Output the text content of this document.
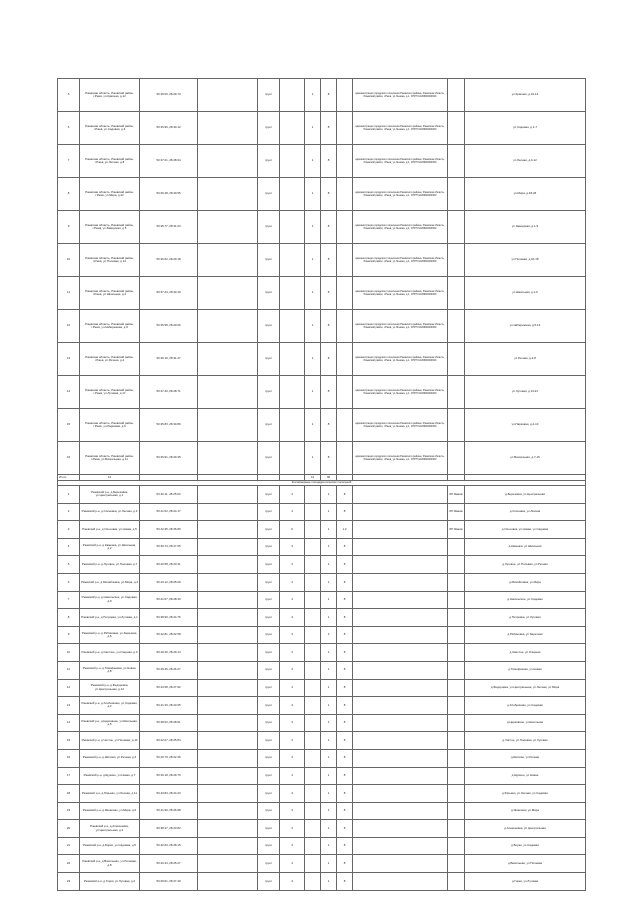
5	Ржевская область, Ржевский район, г.Ржев, ул.Красная, д.12	53.36.06, 28.29.73		грунт		1	8		администрация городского поселения Ржевского района, Ржевская область, Ржевский район, г.Ржев, ул.Ленина, д.1, ОГРН 1026900000000		ул.Красная, д.10-14
6	Ржевская область, Ржевский район, г.Ржев, ул.Садовая, д.3	53.35.96, 28.30.12		грунт		1	8		администрация городского поселения Ржевского района, Ржевская область, Ржевский район, г.Ржев, ул.Ленина, д.1, ОГРН 1026900000000		ул.Садовая, д.1-7
7	Ржевская область, Ржевский район, г.Ржев, ул.Лесная, д.8	53.37.01, 28.28.94		грунт		1	8		администрация городского поселения Ржевского района, Ржевская область, Ржевский район, г.Ржев, ул.Ленина, д.1, ОГРН 1026900000000		ул.Лесная, д.4-12
8	Ржевская область, Ржевский район, г.Ржев, ул.Мира, д.22	53.36.48, 28.30.55		грунт		1	8		администрация городского поселения Ржевского района, Ржевская область, Ржевский район, г.Ржев, ул.Ленина, д.1, ОГРН 1026900000000		ул.Мира, д.18-26
9	Ржевская область, Ржевский район, г.Ржев, ул.Заводская, д.5	53.35.77, 28.31.03		грунт		1	8		администрация городского поселения Ржевского района, Ржевская область, Ржевский район, г.Ржев, ул.Ленина, д.1, ОГРН 1026900000000		ул.Заводская, д.1-9
10	Ржевская область, Ржевский район, г.Ржев, ул.Полевая, д.14	53.36.62, 28.29.18		грунт		1	8		администрация городского поселения Ржевского района, Ржевская область, Ржевский район, г.Ржев, ул.Ленина, д.1, ОГРН 1026900000000		ул.Полевая, д.10-18
11	Ржевская область, Ржевский район, г.Ржев, ул.Школьная, д.2	53.37.24, 28.30.40		грунт		1	8		администрация городского поселения Ржевского района, Ржевская область, Ржевский район, г.Ржев, ул.Ленина, д.1, ОГРН 1026900000000		ул.Школьная, д.1-6
12	Ржевская область, Ржевский район, г.Ржев, ул.Набережная, д.9	53.35.58, 28.29.66		грунт		1	8		администрация городского поселения Ржевского района, Ржевская область, Ржевский район, г.Ржев, ул.Ленина, д.1, ОГРН 1026900000000		ул.Набережная, д.5-13
13	Ржевская область, Ржевский район, г.Ржев, ул.Речная, д.4	53.36.19, 28.31.47		грунт		1	8		администрация городского поселения Ржевского района, Ржевская область, Ржевский район, г.Ржев, ул.Ленина, д.1, ОГРН 1026900000000		ул.Речная, д.2-8
14	Ржевская область, Ржевский район, г.Ржев, ул.Луговая, д.17	53.37.40, 28.28.71		грунт		1	8		администрация городского поселения Ржевского района, Ржевская область, Ржевский район, г.Ржев, ул.Ленина, д.1, ОГРН 1026900000000		ул.Луговая, д.13-21
15	Ржевская область, Ржевский район, г.Ржев, ул.Парковая, д.6	53.35.83, 28.30.89		грунт		1	8		администрация городского поселения Ржевского района, Ржевская область, Ржевский район, г.Ржев, ул.Ленина, д.1, ОГРН 1026900000000		ул.Парковая, д.2-10
16	Ржевская область, Ржевский район, г.Ржев, ул.Вокзальная, д.11	53.36.91, 28.29.35		грунт		1	8		администрация городского поселения Ржевского района, Ржевская область, Ржевский район, г.Ржев, ул.Ленина, д.1, ОГРН 1026900000000		ул.Вокзальная, д.7-15
Итого	12					12	96				
Контейнерные площадки сельских поселений											
1	Ржевский р-н, д.Березовка, ул.Центральная, д.1	53.40.11, 28.25.63		грунт	4		1	8		ИП Иванов	д.Березовка, ул.Центральная
2	Ржевский р-н, д.Сосновка, ул.Лесная, д.3	53.41.02, 28.24.17		грунт	4		1	8		ИП Иванов	д.Сосновка, ул.Лесная
3	Ржевский р-н, д.Ольховка, ул.Новая, д.5	53.42.35, 28.26.80		грунт	6		1	1,2		ИП Иванов	д.Ольховка, ул.Новая, ул.Садовая
4	Ржевский р-н, д.Каменка, ул.Школьная, д.2	53.39.74, 28.27.05		грунт	4		1	8			д.Каменка, ул.Школьная
5	Ржевский р-н, д.Луговое, ул.Полевая, д.7	53.40.58, 28.23.41		грунт	4		1	8			д.Луговое, ул.Полевая, ул.Речная
6	Ржевский р-н, д.Михайловка, ул.Мира, д.4	53.43.12, 28.25.09		грунт	4		1	8			д.Михайловка, ул.Мира
7	Ржевский р-н, д.Никольское, ул.Садовая, д.9	53.41.67, 28.28.33		грунт	4		1	8			д.Никольское, ул.Садовая
8	Ржевский р-н, д.Петровка, ул.Луговая, д.1	53.38.90, 28.24.76		грунт	4		1	8			д.Петровка, ул.Луговая
9	Ржевский р-н, д.Рябиновка, ул.Заречная, д.6	53.42.81, 28.22.58		грунт	4		2	8			д.Рябиновка, ул.Заречная
10	Ржевский р-н, д.Светлое, ул.Озерная, д.3	53.40.26, 28.29.14		грунт	4		1	8			д.Светлое, ул.Озерная
11	Ржевский р-н, д.Тимофеевка, ул.Новая, д.8	53.39.45, 28.26.27		грунт	4		1	8			д.Тимофеевка, ул.Новая
12	Ржевский р-н, д.Федоровка, ул.Центральная, д.12	53.43.58, 28.27.92		грунт	4		1	8			д.Федоровка, ул.Центральная, ул.Лесная, ул.Мира
13	Ржевский р-н, д.Хлебниково, ул.Садовая, д.2	53.41.33, 28.23.05		грунт	4		1	8			д.Хлебниково, ул.Садовая
14	Ржевский р-н, д.Церковное, ул.Школьная, д.5	53.38.62, 28.28.61		грунт	4		1	8			д.Церковное, ул.Школьная
15	Ржевский р-н, д.Чистое, ул.Полевая, д.10	53.42.07, 28.25.84		грунт	4		1	8			д.Чистое, ул.Полевая, ул.Луговая
16	Ржевский р-н, д.Шилово, ул.Речная, д.4	53.40.79, 28.22.36		грунт	4		1	8			д.Шилово, ул.Речная
17	Ржевский р-н, д.Щукино, ул.Новая, д.7	53.39.18, 28.29.70		грунт	4		1	8			д.Щукино, ул.Новая
18	Ржевский р-н, д.Юрьево, ул.Лесная, д.11	53.43.84, 28.24.43		грунт	4		1	8			д.Юрьево, ул.Лесная, ул.Садовая
19	Ржевский р-н, д.Яковлево, ул.Мира, д.6	53.41.90, 28.26.98		грунт	4		1	8			д.Яковлево, ул.Мира
20	Ржевский р-н, д.Алексеевка, ул.Центральная, д.3	53.38.37, 28.23.82		грунт	4		1	8			д.Алексеевка, ул.Центральная
21	Ржевский р-н, д.Борки, ул.Садовая, д.5	53.42.63, 28.28.15		грунт	4		1	8			д.Борки, ул.Садовая
22	Ржевский р-н, д.Васильево, ул.Полевая, д.8	53.40.44, 28.25.27		грунт	4		1	8			д.Васильево, ул.Полевая
23	Ржевский р-н, д.Горки, ул.Луговая, д.2	53.39.61, 28.27.49		грунт	4		1	8			д.Горки, ул.Луговая
